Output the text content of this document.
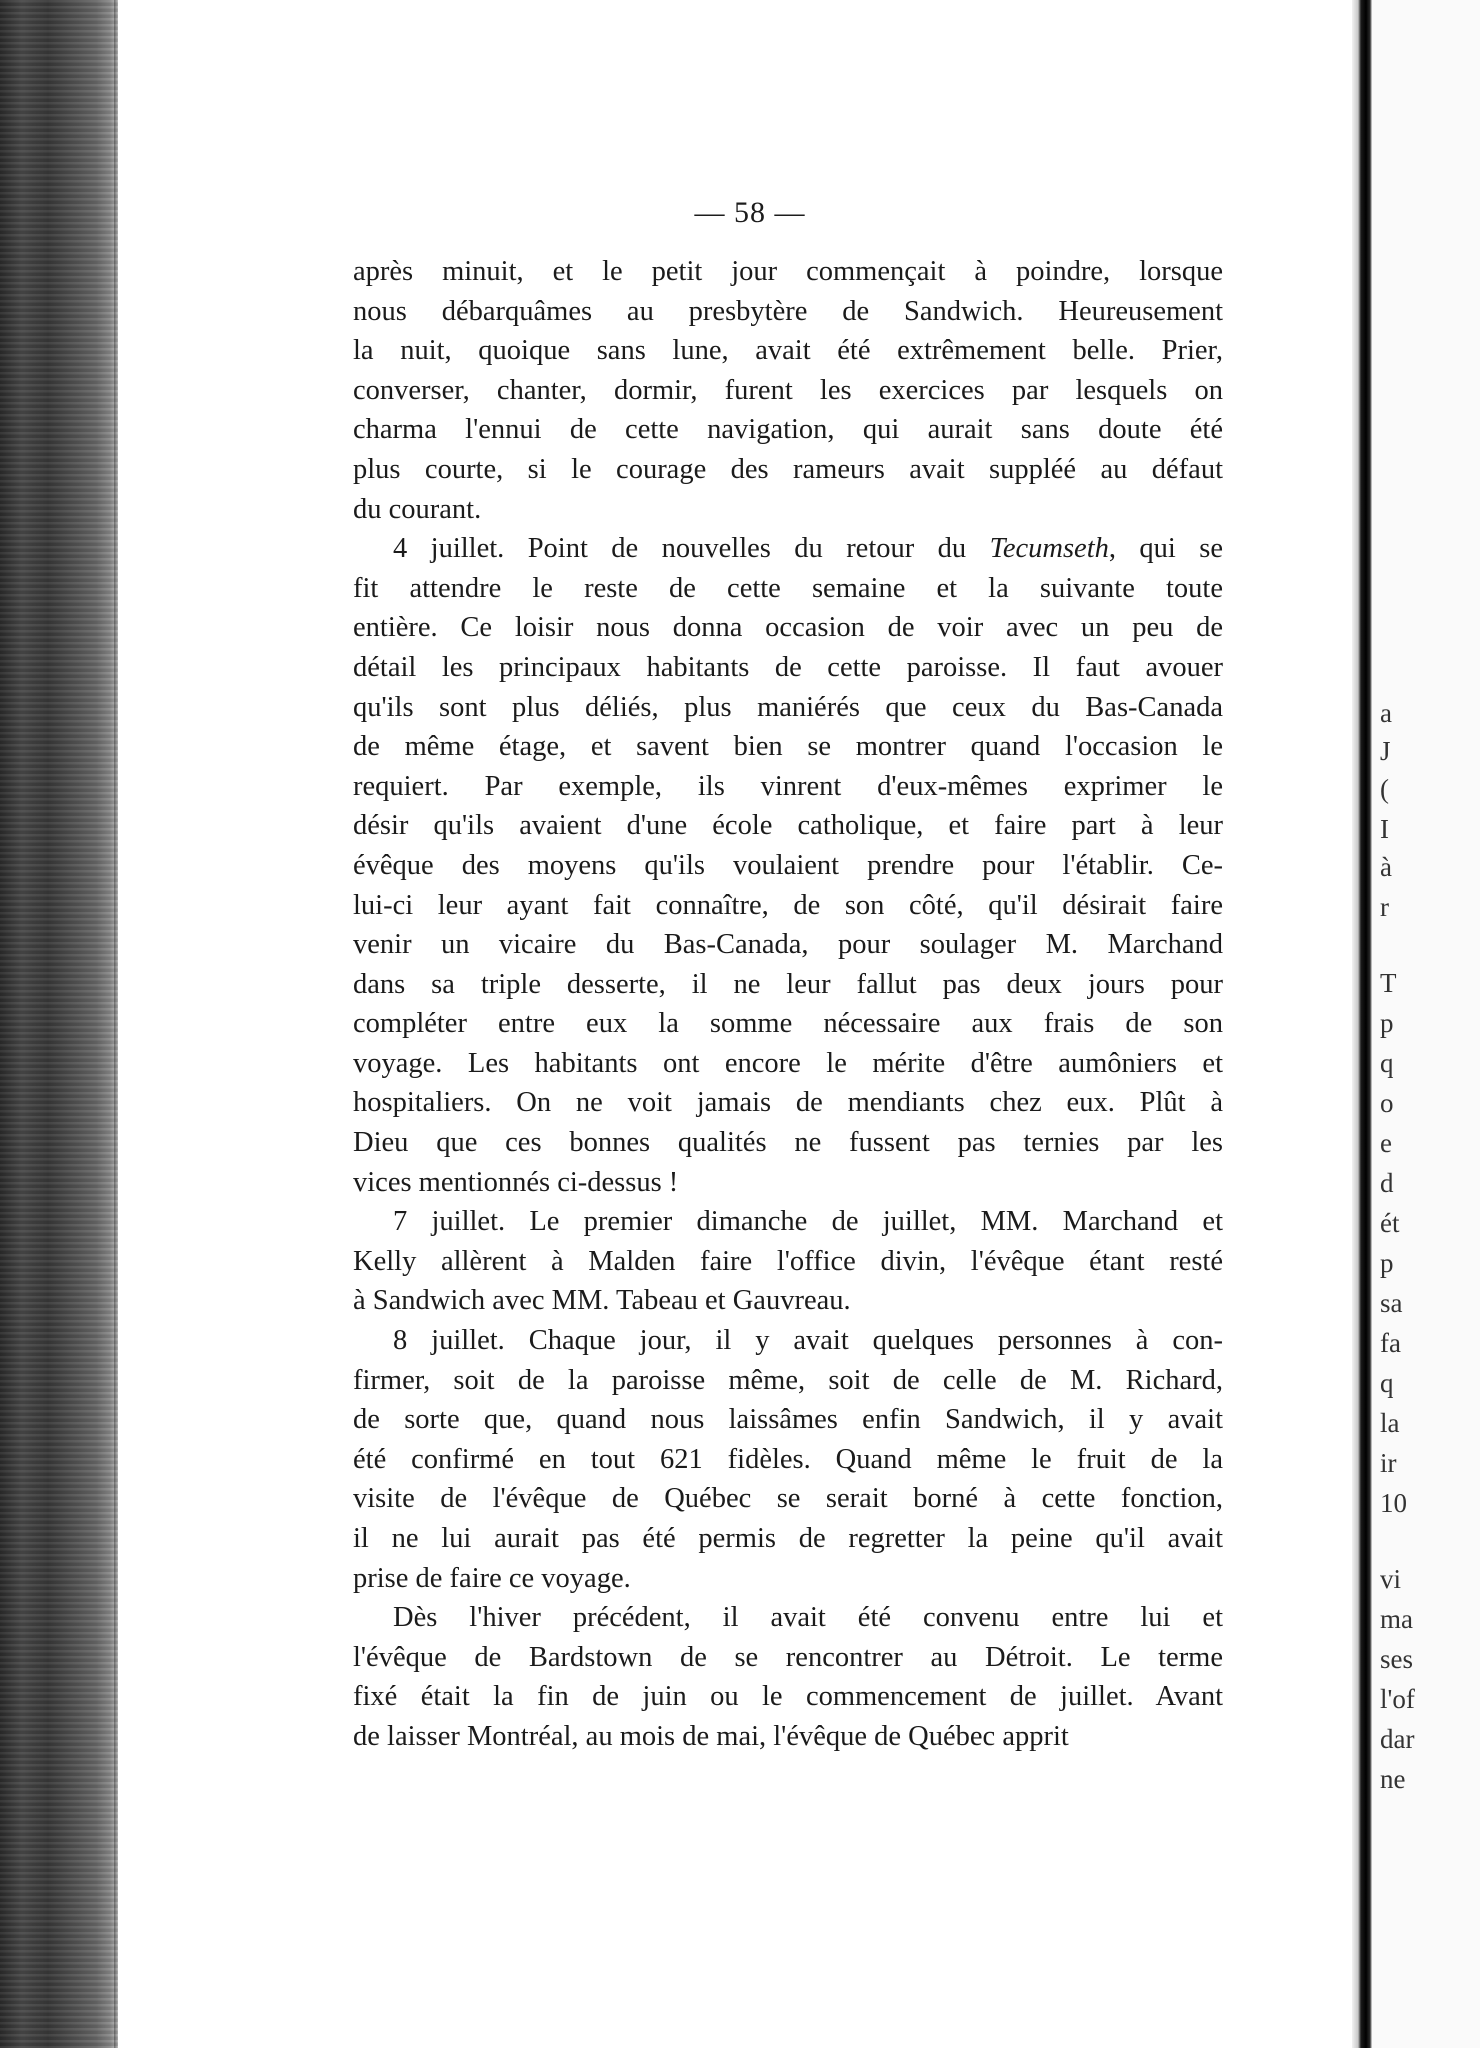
— 58 —
après minuit, et le petit jour commençait à poindre, lorsque
nous débarquâmes au presbytère de Sandwich. Heureusement
la nuit, quoique sans lune, avait été extrêmement belle. Prier,
converser, chanter, dormir, furent les exercices par lesquels on
charma l'ennui de cette navigation, qui aurait sans doute été
plus courte, si le courage des rameurs avait suppléé au défaut
du courant.
4 juillet. Point de nouvelles du retour du Tecumseth, qui se
fit attendre le reste de cette semaine et la suivante toute
entière. Ce loisir nous donna occasion de voir avec un peu de
détail les principaux habitants de cette paroisse. Il faut avouer
qu'ils sont plus déliés, plus maniérés que ceux du Bas-Canada
de même étage, et savent bien se montrer quand l'occasion le
requiert. Par exemple, ils vinrent d'eux-mêmes exprimer le
désir qu'ils avaient d'une école catholique, et faire part à leur
évêque des moyens qu'ils voulaient prendre pour l'établir. Ce-
lui-ci leur ayant fait connaître, de son côté, qu'il désirait faire
venir un vicaire du Bas-Canada, pour soulager M. Marchand
dans sa triple desserte, il ne leur fallut pas deux jours pour
compléter entre eux la somme nécessaire aux frais de son
voyage. Les habitants ont encore le mérite d'être aumôniers et
hospitaliers. On ne voit jamais de mendiants chez eux. Plût à
Dieu que ces bonnes qualités ne fussent pas ternies par les
vices mentionnés ci-dessus !
7 juillet. Le premier dimanche de juillet, MM. Marchand et
Kelly allèrent à Malden faire l'office divin, l'évêque étant resté
à Sandwich avec MM. Tabeau et Gauvreau.
8 juillet. Chaque jour, il y avait quelques personnes à con-
firmer, soit de la paroisse même, soit de celle de M. Richard,
de sorte que, quand nous laissâmes enfin Sandwich, il y avait
été confirmé en tout 621 fidèles. Quand même le fruit de la
visite de l'évêque de Québec se serait borné à cette fonction,
il ne lui aurait pas été permis de regretter la peine qu'il avait
prise de faire ce voyage.
Dès l'hiver précédent, il avait été convenu entre lui et
l'évêque de Bardstown de se rencontrer au Détroit. Le terme
fixé était la fin de juin ou le commencement de juillet. Avant
de laisser Montréal, au mois de mai, l'évêque de Québec apprit
a
J
(
I
à
r
T
p
q
o
e
d
ét
p
sa
fa
q
la
ir
10
vi
ma
ses
l'of
dar
ne
